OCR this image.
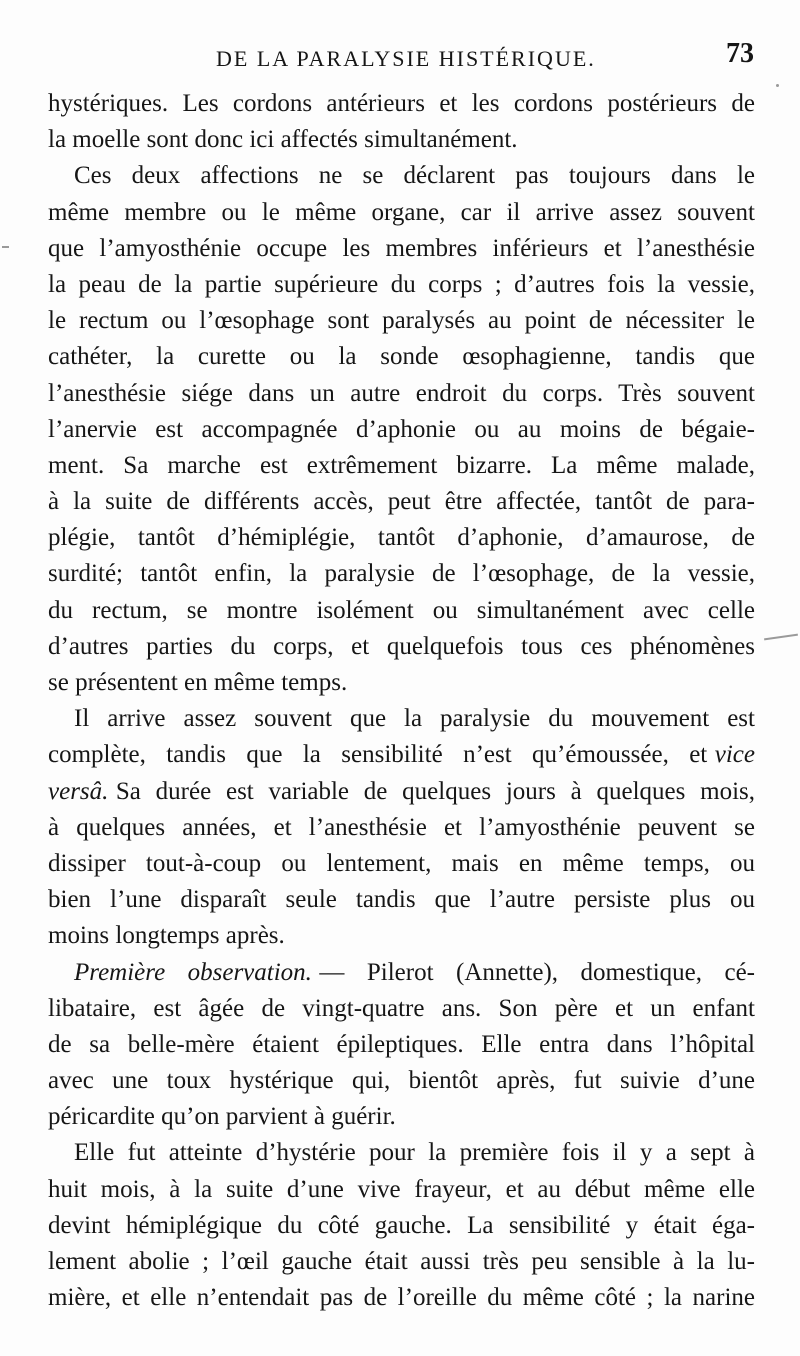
DE LA PARALYSIE HISTÉRIQUE.	73
hystériques. Les cordons antérieurs et les cordons postérieurs de
la moelle sont donc ici affectés simultanément.
Ces deux affections ne se déclarent pas toujours dans le
même membre ou le même organe, car il arrive assez souvent
que l’amyosthénie occupe les membres inférieurs et l’anesthésie
la peau de la partie supérieure du corps ; d’autres fois la vessie,
le rectum ou l’œsophage sont paralysés au point de nécessiter le
cathéter, la curette ou la sonde œsophagienne, tandis que
l’anesthésie siége dans un autre endroit du corps. Très souvent
l’anervie est accompagnée d’aphonie ou au moins de bégaie-
ment. Sa marche est extrêmement bizarre. La même malade,
à la suite de différents accès, peut être affectée, tantôt de para-
plégie, tantôt d’hémiplégie, tantôt d’aphonie, d’amaurose, de
surdité; tantôt enfin, la paralysie de l’œsophage, de la vessie,
du rectum, se montre isolément ou simultanément avec celle
d’autres parties du corps, et quelquefois tous ces phénomènes
se présentent en même temps.
Il arrive assez souvent que la paralysie du mouvement est
complète, tandis que la sensibilité n’est qu’émoussée, et vice
versâ. Sa durée est variable de quelques jours à quelques mois,
à quelques années, et l’anesthésie et l’amyosthénie peuvent se
dissiper tout-à-coup ou lentement, mais en même temps, ou
bien l’une disparaît seule tandis que l’autre persiste plus ou
moins longtemps après.
Première observation. — Pilerot (Annette), domestique, cé-
libataire, est âgée de vingt-quatre ans. Son père et un enfant
de sa belle-mère étaient épileptiques. Elle entra dans l’hôpital
avec une toux hystérique qui, bientôt après, fut suivie d’une
péricardite qu’on parvient à guérir.
Elle fut atteinte d’hystérie pour la première fois il y a sept à
huit mois, à la suite d’une vive frayeur, et au début même elle
devint hémiplégique du côté gauche. La sensibilité y était éga-
lement abolie ; l’œil gauche était aussi très peu sensible à la lu-
mière, et elle n’entendait pas de l’oreille du même côté ; la narine
